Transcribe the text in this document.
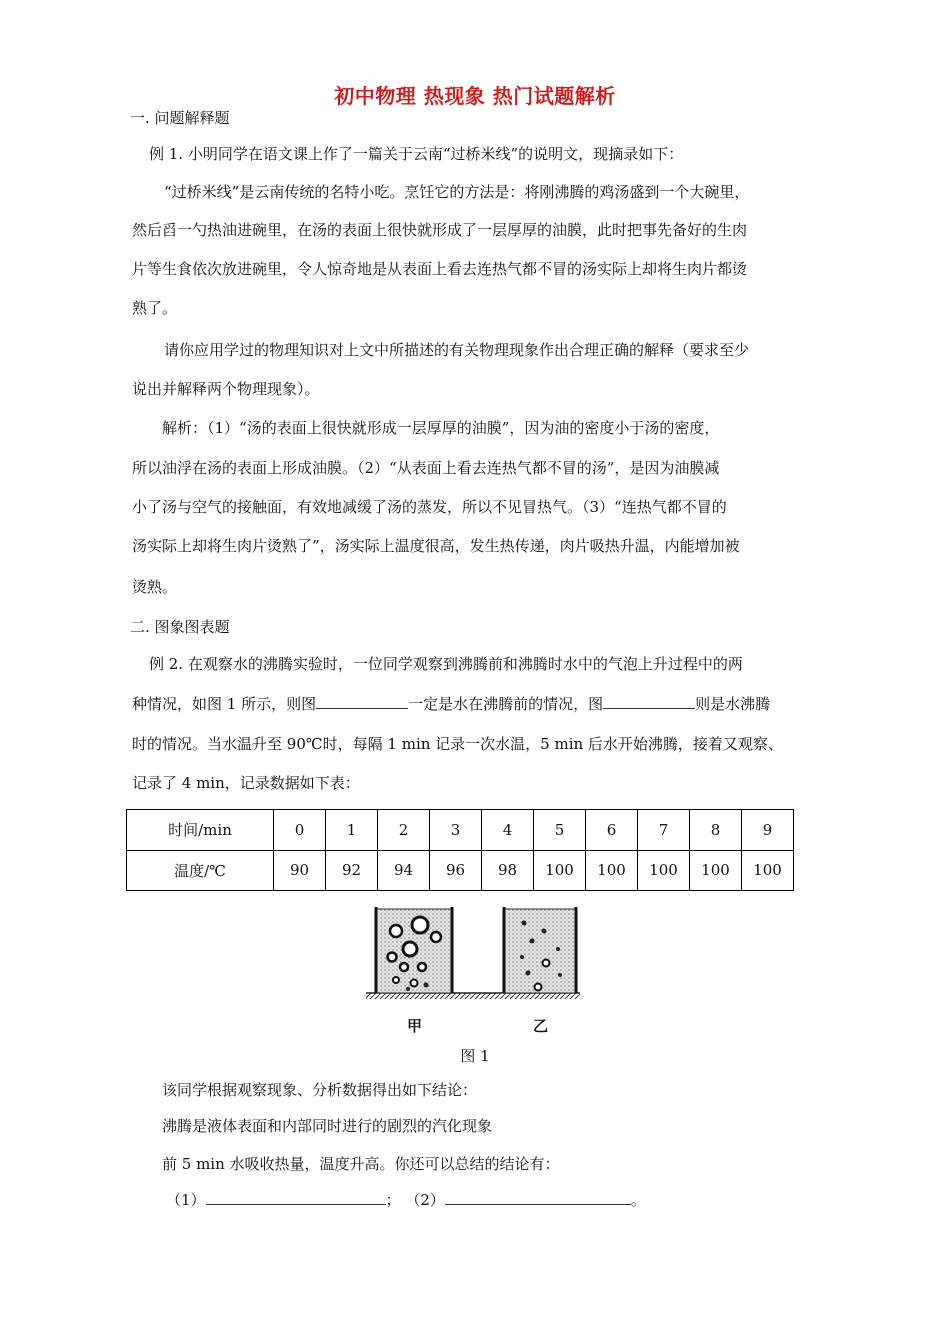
初中物理 热现象 热门试题解析
一. 问题解释题
例 1. 小明同学在语文课上作了一篇关于云南“过桥米线”的说明文，现摘录如下：
“过桥米线”是云南传统的名特小吃。烹饪它的方法是：将刚沸腾的鸡汤盛到一个大碗里，
然后舀一勺热油进碗里，在汤的表面上很快就形成了一层厚厚的油膜，此时把事先备好的生肉
片等生食依次放进碗里，令人惊奇地是从表面上看去连热气都不冒的汤实际上却将生肉片都烫
熟了。
请你应用学过的物理知识对上文中所描述的有关物理现象作出合理正确的解释（要求至少
说出并解释两个物理现象）。
解析：（1）“汤的表面上很快就形成一层厚厚的油膜”，因为油的密度小于汤的密度，
所以油浮在汤的表面上形成油膜。（2）“从表面上看去连热气都不冒的汤”，是因为油膜减
小了汤与空气的接触面，有效地减缓了汤的蒸发，所以不见冒热气。（3）“连热气都不冒的
汤实际上却将生肉片烫熟了”，汤实际上温度很高，发生热传递，肉片吸热升温，内能增加被
烫熟。
二. 图象图表题
例 2. 在观察水的沸腾实验时，一位同学观察到沸腾前和沸腾时水中的气泡上升过程中的两
种情况，如图 1 所示，则图	一定是水在沸腾前的情况，图	则是水沸腾
时的情况。当水温升至 90℃时，每隔 1 min 记录一次水温，5 min 后水开始沸腾，接着又观察、
记录了 4 min，记录数据如下表：
时间/min	0	1	2	3	4	5	6	7	8	9
温度/℃	90	92	94	96	98	100	100	100	100	100
甲	乙
图 1
该同学根据观察现象、分析数据得出如下结论：
沸腾是液体表面和内部同时进行的剧烈的汽化现象
前 5 min 水吸收热量，温度升高。你还可以总结的结论有：
（1）	； （2）	。
